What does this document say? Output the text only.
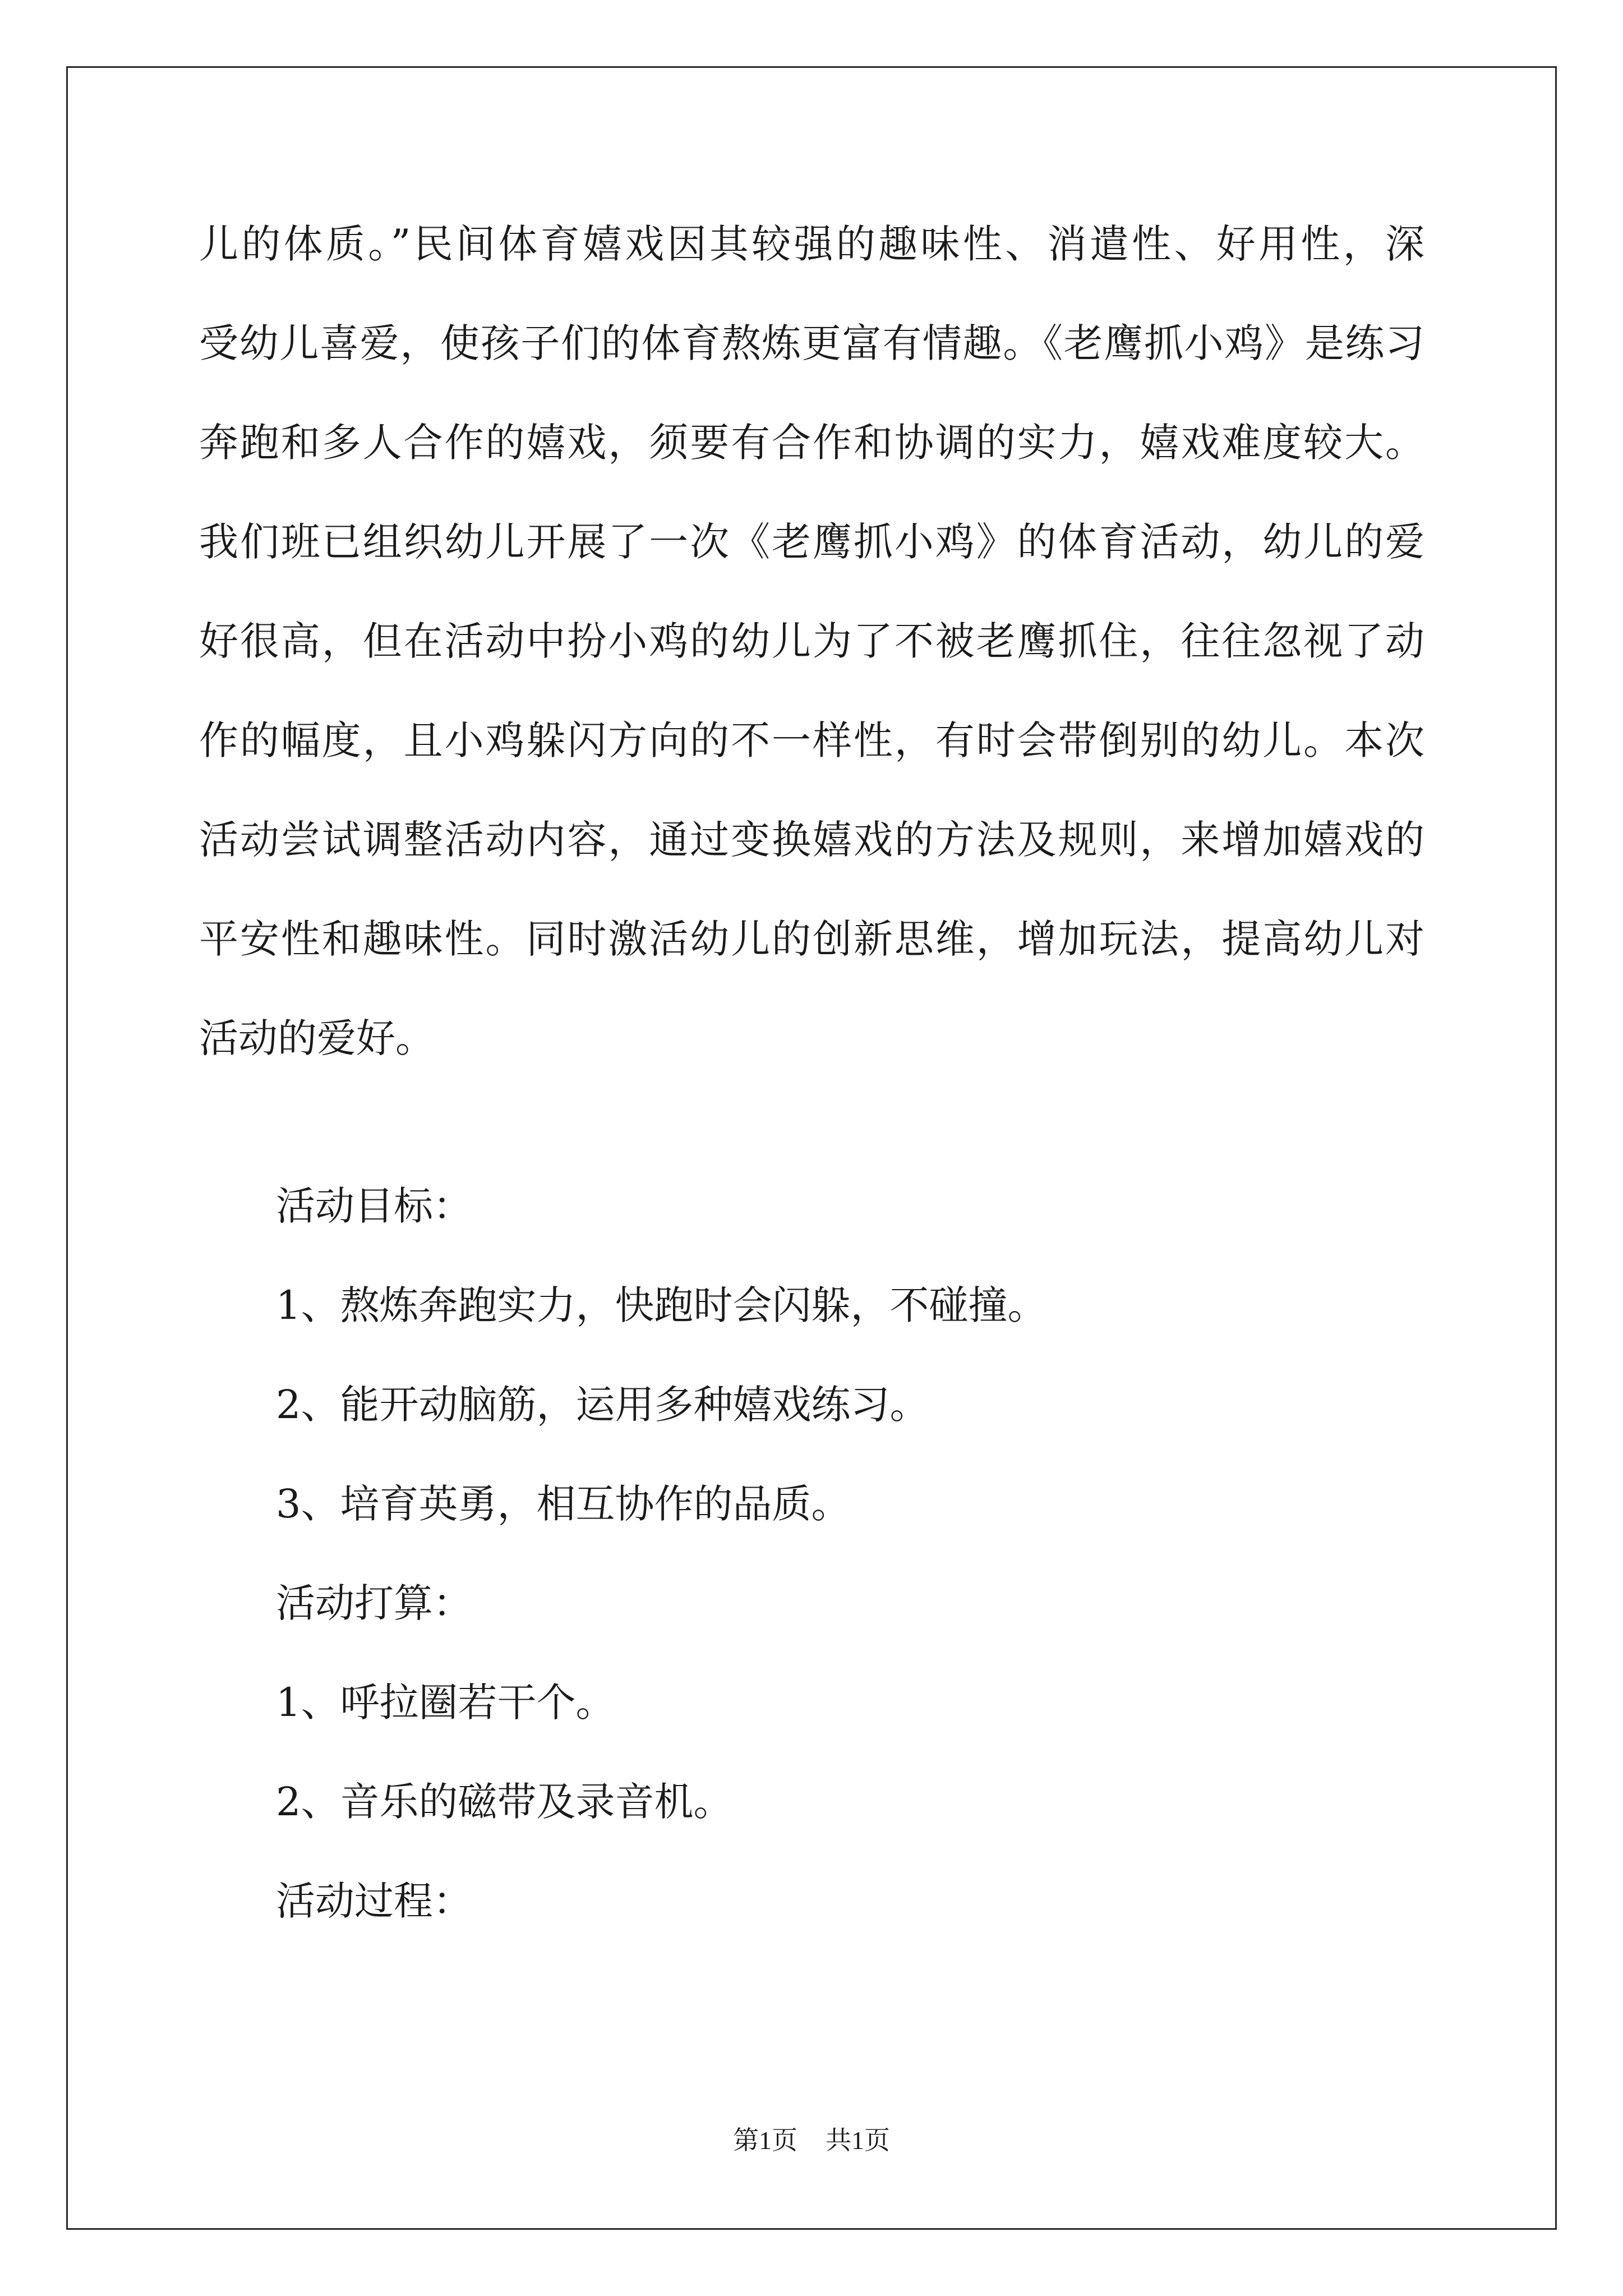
儿的体质。”民间体育嬉戏因其较强的趣味性、消遣性、好用性，深
受幼儿喜爱，使孩子们的体育熬炼更富有情趣。《老鹰抓小鸡》是练习
奔跑和多人合作的嬉戏，须要有合作和协调的实力，嬉戏难度较大。
我们班已组织幼儿开展了一次《老鹰抓小鸡》的体育活动，幼儿的爱
好很高，但在活动中扮小鸡的幼儿为了不被老鹰抓住，往往忽视了动
作的幅度，且小鸡躲闪方向的不一样性，有时会带倒别的幼儿。本次
活动尝试调整活动内容，通过变换嬉戏的方法及规则，来增加嬉戏的
平安性和趣味性。同时激活幼儿的创新思维，增加玩法，提高幼儿对
活动的爱好。
活动目标：
1、熬炼奔跑实力，快跑时会闪躲，不碰撞。
2、能开动脑筋，运用多种嬉戏练习。
3、培育英勇，相互协作的品质。
活动打算：
1、呼拉圈若干个。
2、音乐的磁带及录音机。
活动过程：
第1页 共1页
